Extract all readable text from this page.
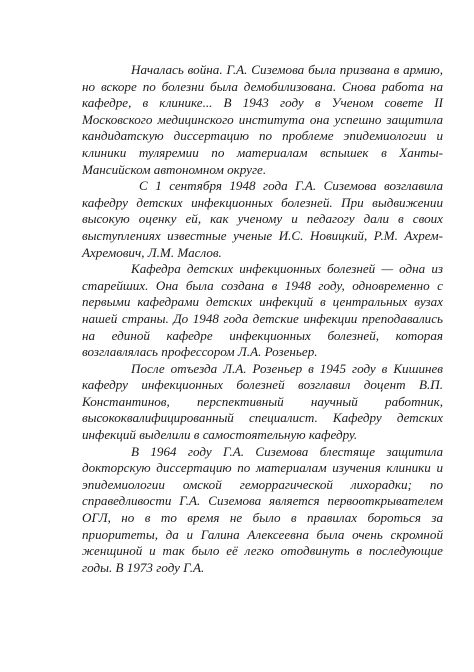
Началась война. Г.А. Сиземова была призвана в армию, но вскоре по болезни была демобилизована. Снова работа на кафедре, в клинике... В 1943 году в Ученом совете II Московского медицинского института она успешно защитила кандидатскую диссертацию по проблеме эпидемиологии и клиники туляремии по материалам вспышек в Ханты-Мансийском автономном округе.

С 1 сентября 1948 года Г.А. Сиземова возглавила кафедру детских инфекционных болезней. При выдвижении высокую оценку ей, как ученому и педагогу дали в своих выступлениях известные ученые И.С. Новицкий, Р.М. Ахрем-Ахремович, Л.М. Маслов.

Кафедра детских инфекционных болезней — одна из старейших. Она была создана в 1948 году, одновременно с первыми кафедрами детских инфекций в центральных вузах нашей страны. До 1948 года детские инфекции преподавались на единой кафедре инфекционных болезней, которая возглавлялась профессором Л.А. Розеньер.

После отъезда Л.А. Розеньер в 1945 году в Кишинев кафедру инфекционных болезней возглавил доцент В.П. Константинов, перспективный научный работник, высококвалифицированный специалист. Кафедру детских инфекций выделили в самостоятельную кафедру.

В 1964 году Г.А. Сиземова блестяще защитила докторскую диссертацию по материалам изучения клиники и эпидемиологии омской геморрагической лихорадки; по справедливости Г.А. Сиземова является первооткрывателем ОГЛ, но в то время не было в правилах бороться за приоритеты, да и Галина Алексеевна была очень скромной женщиной и так было её легко отодвинуть в последующие годы. В 1973 году Г.А.
